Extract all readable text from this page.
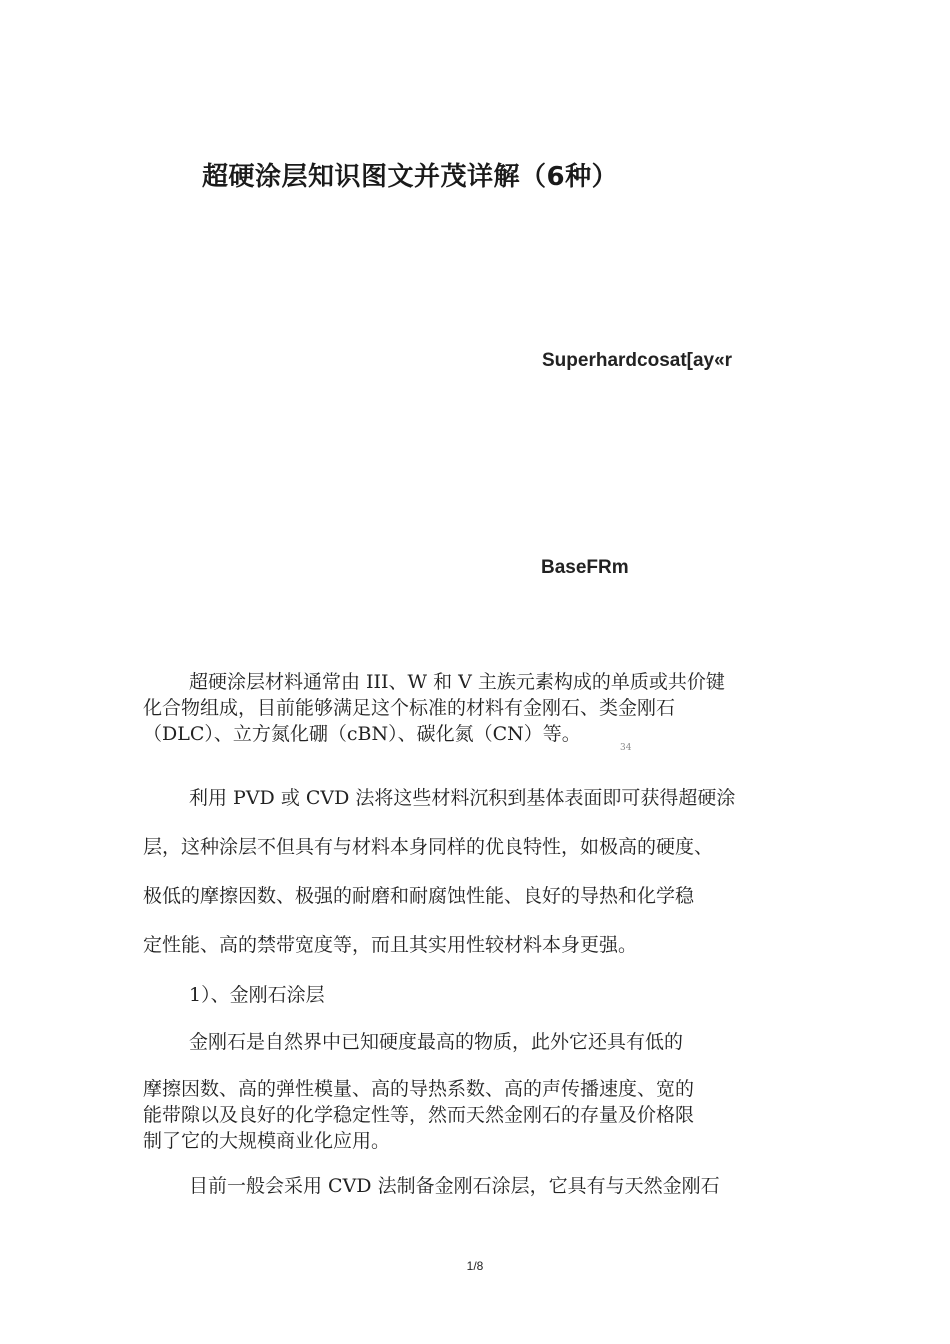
超硬涂层知识图文并茂详解（6种）
Superhardcosat[ay«r
BaseFRm
超硬涂层材料通常由 III、W 和 V 主族元素构成的单质或共价键
化合物组成，目前能够满足这个标准的材料有金刚石、类金刚石
（DLC）、立方氮化硼（cBN）、碳化氮（CN）等。
34
利用 PVD 或 CVD 法将这些材料沉积到基体表面即可获得超硬涂
层，这种涂层不但具有与材料本身同样的优良特性，如极高的硬度、
极低的摩擦因数、极强的耐磨和耐腐蚀性能、良好的导热和化学稳
定性能、高的禁带宽度等，而且其实用性较材料本身更强。
1）、金刚石涂层
金刚石是自然界中已知硬度最高的物质，此外它还具有低的
摩擦因数、高的弹性模量、高的导热系数、高的声传播速度、宽的
能带隙以及良好的化学稳定性等，然而天然金刚石的存量及价格限
制了它的大规模商业化应用。
目前一般会采用 CVD 法制备金刚石涂层，它具有与天然金刚石
1/8
